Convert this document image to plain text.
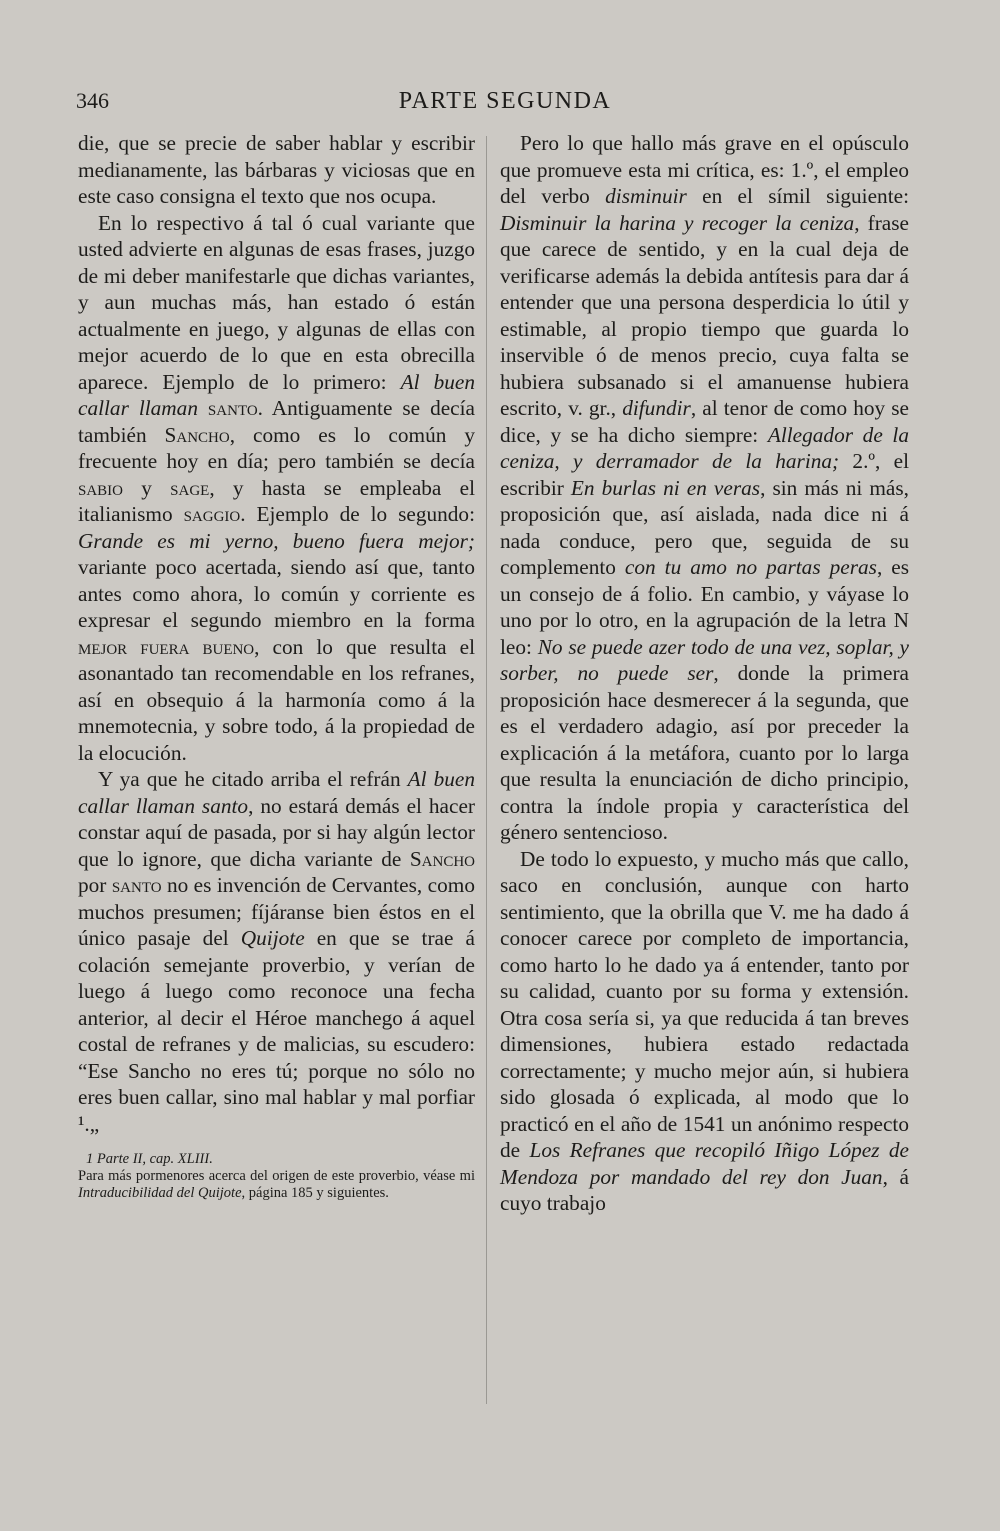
346	PARTE SEGUNDA

die, que se precie de saber hablar y escribir medianamente, las bárbaras y viciosas que en este caso consigna el texto que nos ocupa.

En lo respectivo á tal ó cual variante que usted advierte en algunas de esas frases, juzgo de mi deber manifestarle que dichas variantes, y aun muchas más, han estado ó están actualmente en juego, y algunas de ellas con mejor acuerdo de lo que en esta obrecilla aparece. Ejemplo de lo primero: Al buen callar llaman santo. Antiguamente se decía también Sancho, como es lo común y frecuente hoy en día; pero también se decía sabio y sage, y hasta se empleaba el italianismo saggio. Ejemplo de lo segundo: Grande es mi yerno, bueno fuera mejor; variante poco acertada, siendo así que, tanto antes como ahora, lo común y corriente es expresar el segundo miembro en la forma mejor fuera bueno, con lo que resulta el asonantado tan recomendable en los refranes, así en obsequio á la harmonía como á la mnemotecnia, y sobre todo, á la propiedad de la elocución.

Y ya que he citado arriba el refrán Al buen callar llaman santo, no estará demás el hacer constar aquí de pasada, por si hay algún lector que lo ignore, que dicha variante de Sancho por santo no es invención de Cervantes, como muchos presumen; fíjáranse bien éstos en el único pasaje del Quijote en que se trae á colación semejante proverbio, y verían de luego á luego como reconoce una fecha anterior, al decir el Héroe manchego á aquel costal de refranes y de malicias, su escudero: “Ese Sancho no eres tú; porque no sólo no eres buen callar, sino mal hablar y mal porfiar ¹.„

1 Parte II, cap. XLIII.
Para más pormenores acerca del origen de este proverbio, véase mi Intraducibilidad del Quijote, página 185 y siguientes.

Pero lo que hallo más grave en el opúsculo que promueve esta mi crítica, es: 1.º, el empleo del verbo disminuir en el símil siguiente: Disminuir la harina y recoger la ceniza, frase que carece de sentido, y en la cual deja de verificarse además la debida antítesis para dar á entender que una persona desperdicia lo útil y estimable, al propio tiempo que guarda lo inservible ó de menos precio, cuya falta se hubiera subsanado si el amanuense hubiera escrito, v. gr., difundir, al tenor de como hoy se dice, y se ha dicho siempre: Allegador de la ceniza, y derramador de la harina; 2.º, el escribir En burlas ni en veras, sin más ni más, proposición que, así aislada, nada dice ni á nada conduce, pero que, seguida de su complemento con tu amo no partas peras, es un consejo de á folio. En cambio, y váyase lo uno por lo otro, en la agrupación de la letra N leo: No se puede azer todo de una vez, soplar, y sorber, no puede ser, donde la primera proposición hace desmerecer á la segunda, que es el verdadero adagio, así por preceder la explicación á la metáfora, cuanto por lo larga que resulta la enunciación de dicho principio, contra la índole propia y característica del género sentencioso.

De todo lo expuesto, y mucho más que callo, saco en conclusión, aunque con harto sentimiento, que la obrilla que V. me ha dado á conocer carece por completo de importancia, como harto lo he dado ya á entender, tanto por su calidad, cuanto por su forma y extensión. Otra cosa sería si, ya que reducida á tan breves dimensiones, hubiera estado redactada correctamente; y mucho mejor aún, si hubiera sido glosada ó explicada, al modo que lo practicó en el año de 1541 un anónimo respecto de Los Refranes que recopiló Iñigo López de Mendoza por mandado del rey don Juan, á cuyo trabajo
